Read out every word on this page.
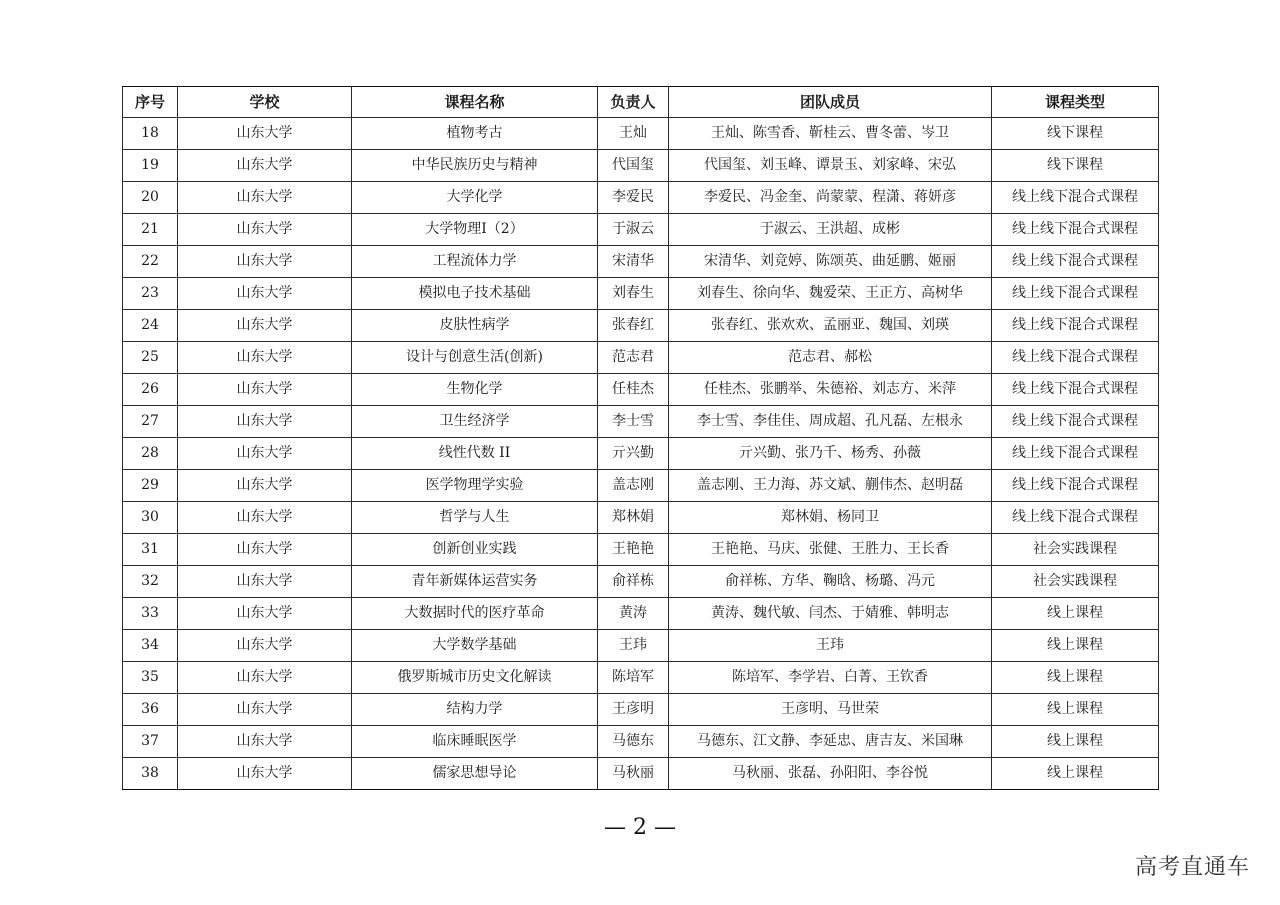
序号	学校	课程名称	负责人	团队成员	课程类型
18	山东大学	植物考古	王灿	王灿、陈雪香、靳桂云、曹冬蕾、岑卫	线下课程
19	山东大学	中华民族历史与精神	代国玺	代国玺、刘玉峰、谭景玉、刘家峰、宋弘	线下课程
20	山东大学	大学化学	李爱民	李爱民、冯金奎、尚蒙蒙、程潇、蒋妍彦	线上线下混合式课程
21	山东大学	大学物理Ⅰ（2）	于淑云	于淑云、王洪超、成彬	线上线下混合式课程
22	山东大学	工程流体力学	宋清华	宋清华、刘竞婷、陈颂英、曲延鹏、姬丽	线上线下混合式课程
23	山东大学	模拟电子技术基础	刘春生	刘春生、徐向华、魏爱荣、王正方、高树华	线上线下混合式课程
24	山东大学	皮肤性病学	张春红	张春红、张欢欢、孟丽亚、魏国、刘瑛	线上线下混合式课程
25	山东大学	设计与创意生活(创新)	范志君	范志君、郝松	线上线下混合式课程
26	山东大学	生物化学	任桂杰	任桂杰、张鹏举、朱德裕、刘志方、米萍	线上线下混合式课程
27	山东大学	卫生经济学	李士雪	李士雪、李佳佳、周成超、孔凡磊、左根永	线上线下混合式课程
28	山东大学	线性代数 II	亓兴勤	亓兴勤、张乃千、杨秀、孙薇	线上线下混合式课程
29	山东大学	医学物理学实验	盖志刚	盖志刚、王力海、苏文斌、蒯伟杰、赵明磊	线上线下混合式课程
30	山东大学	哲学与人生	郑林娟	郑林娟、杨同卫	线上线下混合式课程
31	山东大学	创新创业实践	王艳艳	王艳艳、马庆、张健、王胜力、王长香	社会实践课程
32	山东大学	青年新媒体运营实务	俞祥栋	俞祥栋、方华、鞠晗、杨璐、冯元	社会实践课程
33	山东大学	大数据时代的医疗革命	黄涛	黄涛、魏代敏、闫杰、于婧雅、韩明志	线上课程
34	山东大学	大学数学基础	王玮	王玮	线上课程
35	山东大学	俄罗斯城市历史文化解读	陈培军	陈培军、李学岩、白菁、王钦香	线上课程
36	山东大学	结构力学	王彦明	王彦明、马世荣	线上课程
37	山东大学	临床睡眠医学	马德东	马德东、江文静、李延忠、唐吉友、米国琳	线上课程
38	山东大学	儒家思想导论	马秋丽	马秋丽、张磊、孙阳阳、李谷悦	线上课程
— 2 —
高考直通车
